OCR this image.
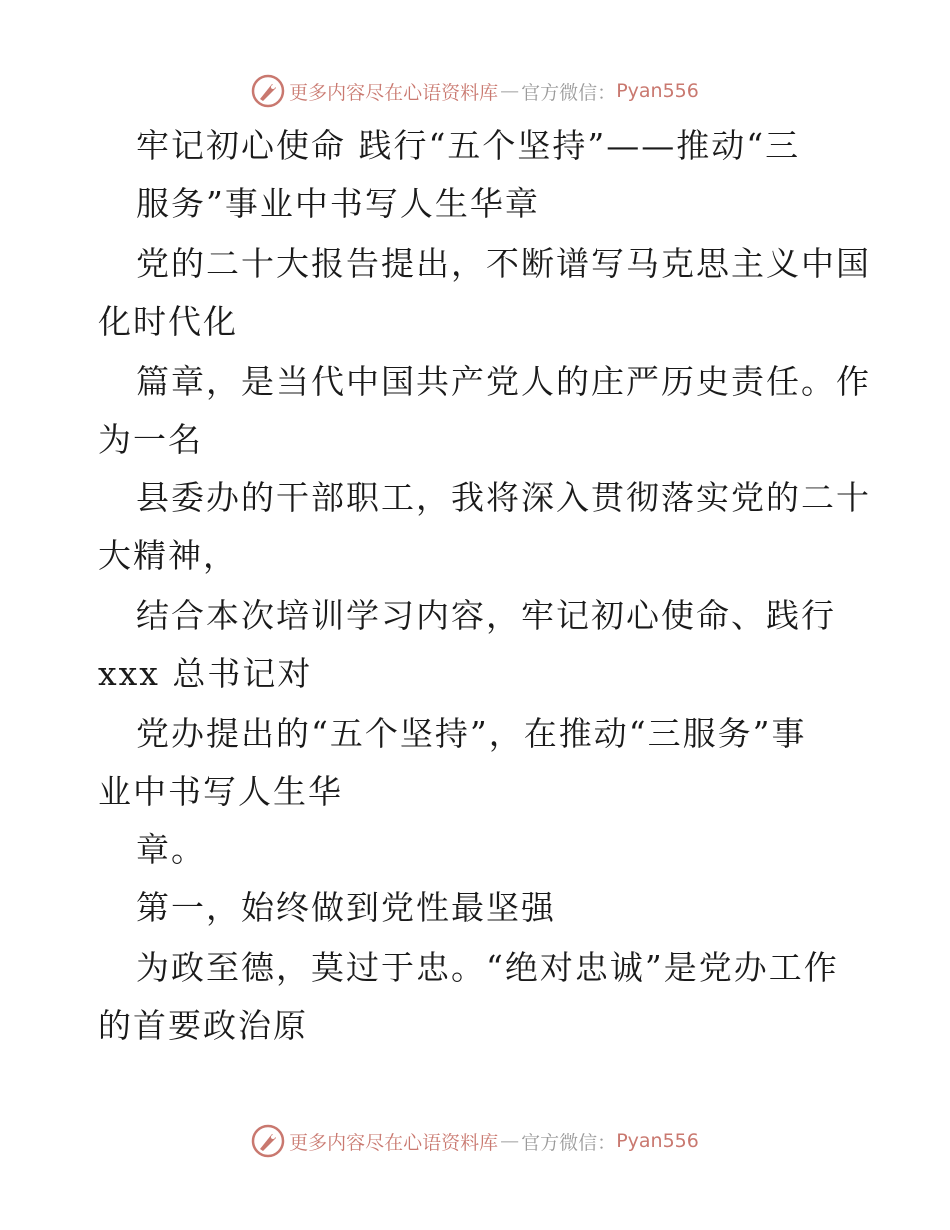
更多内容尽在心语资料库 — 官方微信： Pyan556
牢记初心使命 践行“五个坚持”——推动“三
服务”事业中书写人生华章
党的二十大报告提出，不断谱写马克思主义中国
化时代化
篇章，是当代中国共产党人的庄严历史责任。作
为一名
县委办的干部职工，我将深入贯彻落实党的二十
大精神，
结合本次培训学习内容，牢记初心使命、践行
xxx 总书记对
党办提出的“五个坚持”，在推动“三服务”事
业中书写人生华
章。
第一，始终做到党性最坚强
为政至德，莫过于忠。“绝对忠诚”是党办工作
的首要政治原
更多内容尽在心语资料库 — 官方微信： Pyan556
